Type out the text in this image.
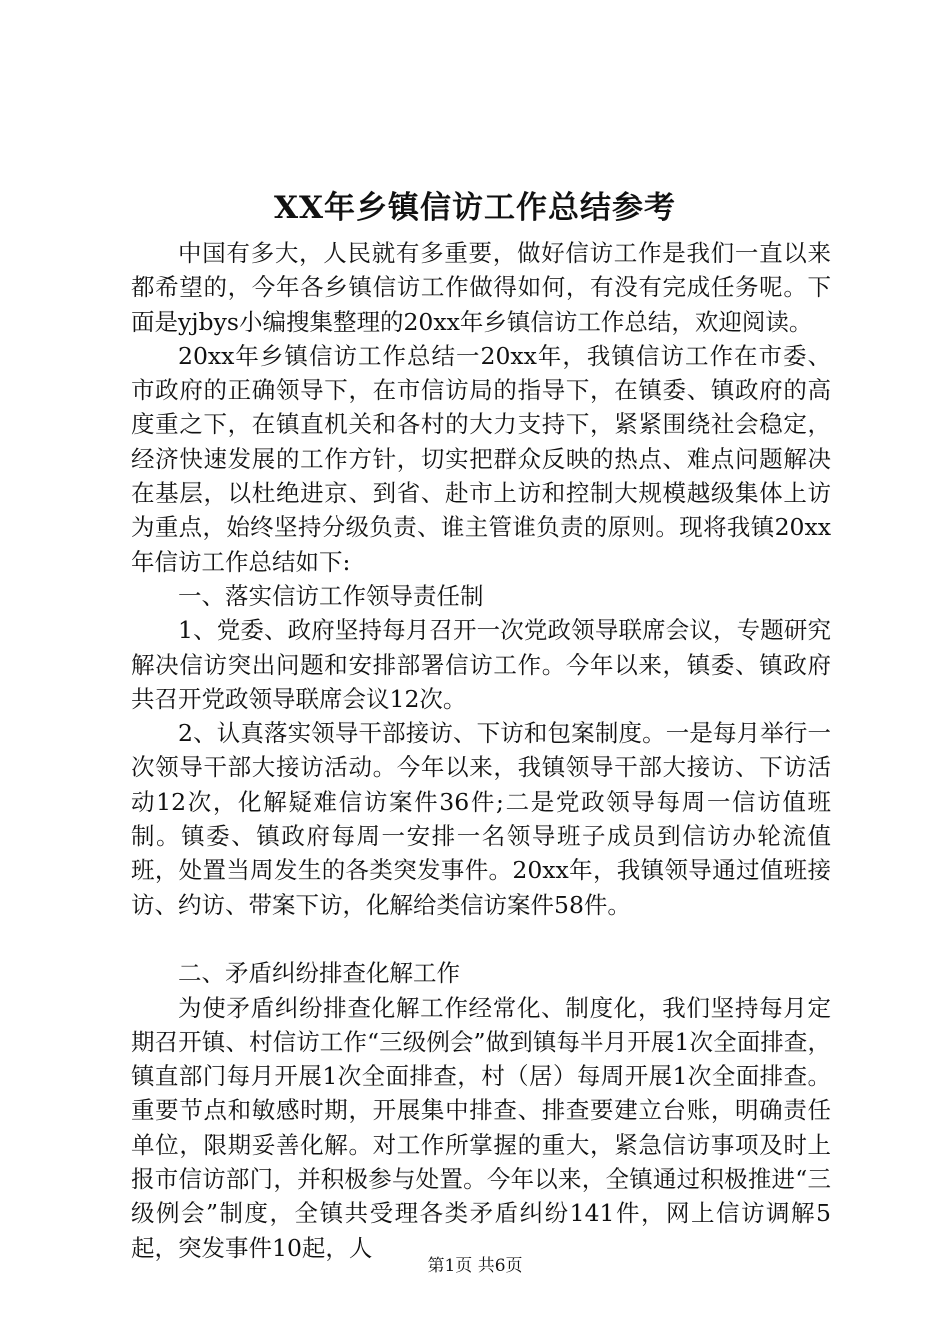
XX年乡镇信访工作总结参考

中国有多大，人民就有多重要，做好信访工作是我们一直以来都希望的，今年各乡镇信访工作做得如何，有没有完成任务呢。下面是yjbys小编搜集整理的20xx年乡镇信访工作总结，欢迎阅读。

20xx年乡镇信访工作总结一20xx年，我镇信访工作在市委、市政府的正确领导下，在市信访局的指导下，在镇委、镇政府的高度重之下，在镇直机关和各村的大力支持下，紧紧围绕社会稳定，经济快速发展的工作方针，切实把群众反映的热点、难点问题解决在基层，以杜绝进京、到省、赴市上访和控制大规模越级集体上访为重点，始终坚持分级负责、谁主管谁负责的原则。现将我镇20xx年信访工作总结如下:

一、落实信访工作领导责任制

1、党委、政府坚持每月召开一次党政领导联席会议，专题研究解决信访突出问题和安排部署信访工作。今年以来，镇委、镇政府共召开党政领导联席会议12次。

2、认真落实领导干部接访、下访和包案制度。一是每月举行一次领导干部大接访活动。今年以来，我镇领导干部大接访、下访活动12次，化解疑难信访案件36件;二是党政领导每周一信访值班制。镇委、镇政府每周一安排一名领导班子成员到信访办轮流值班，处置当周发生的各类突发事件。20xx年，我镇领导通过值班接访、约访、带案下访，化解给类信访案件58件。

二、矛盾纠纷排查化解工作

为使矛盾纠纷排查化解工作经常化、制度化，我们坚持每月定期召开镇、村信访工作“三级例会”做到镇每半月开展1次全面排查，镇直部门每月开展1次全面排查，村（居）每周开展1次全面排查。重要节点和敏感时期，开展集中排查、排查要建立台账，明确责任单位，限期妥善化解。对工作所掌握的重大，紧急信访事项及时上报市信访部门，并积极参与处置。今年以来，全镇通过积极推进“三级例会”制度，全镇共受理各类矛盾纠纷141件，网上信访调解5起，突发事件10起，人

第1页 共6页
